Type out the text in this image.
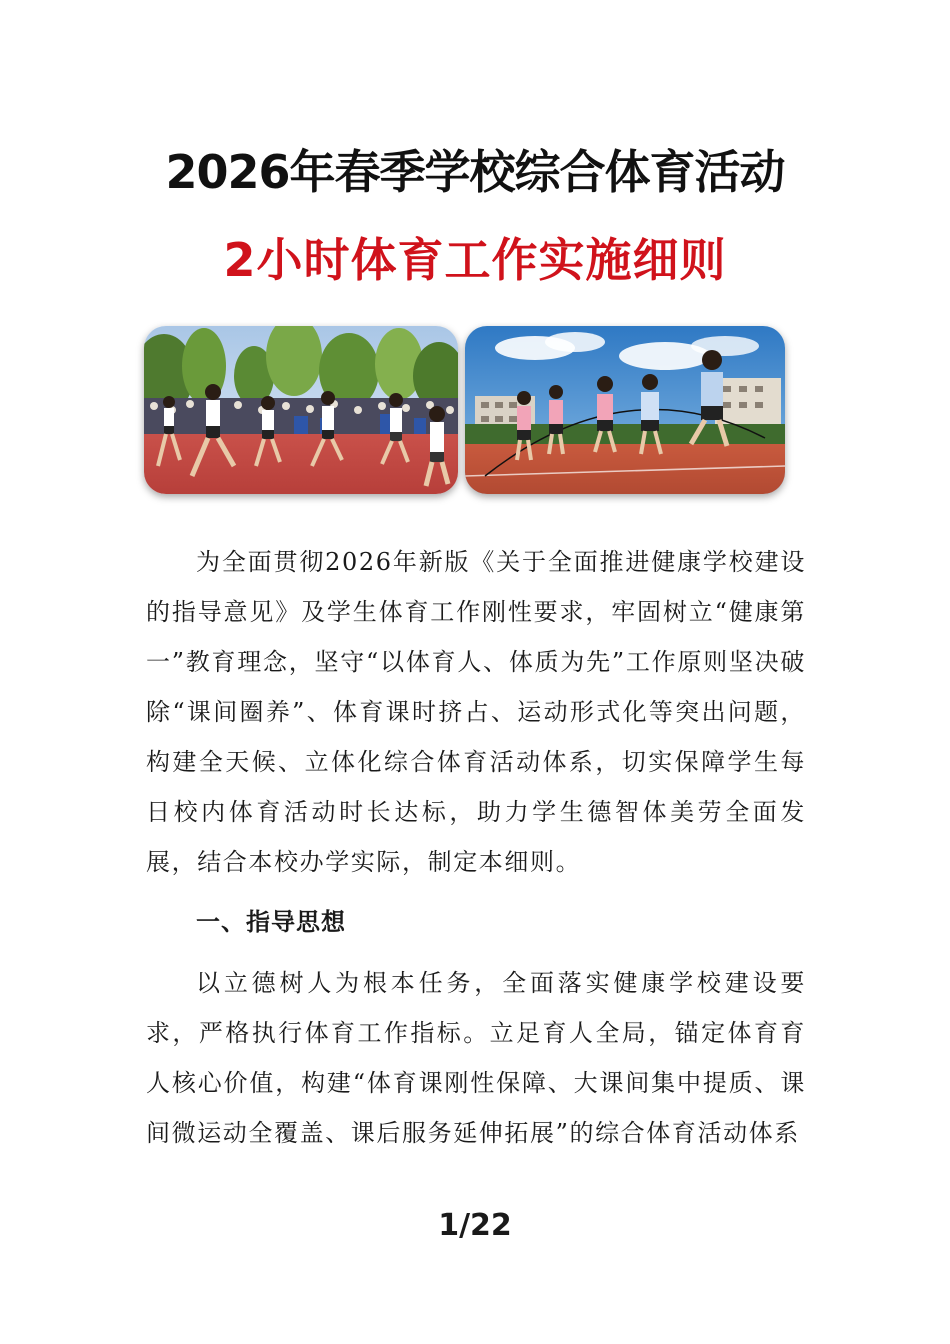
2026年春季学校综合体育活动
2小时体育工作实施细则

为全面贯彻2026年新版《关于全面推进健康学校建设的指导意见》及学生体育工作刚性要求，牢固树立“健康第一”教育理念，坚守“以体育人、体质为先”工作原则坚决破除“课间圈养”、体育课时挤占、运动形式化等突出问题，构建全天候、立体化综合体育活动体系，切实保障学生每日校内体育活动时长达标，助力学生德智体美劳全面发展，结合本校办学实际，制定本细则。

一、指导思想

以立德树人为根本任务，全面落实健康学校建设要求，严格执行体育工作指标。立足育人全局，锚定体育育人核心价值，构建“体育课刚性保障、大课间集中提质、课间微运动全覆盖、课后服务延伸拓展”的综合体育活动体系

1/22
